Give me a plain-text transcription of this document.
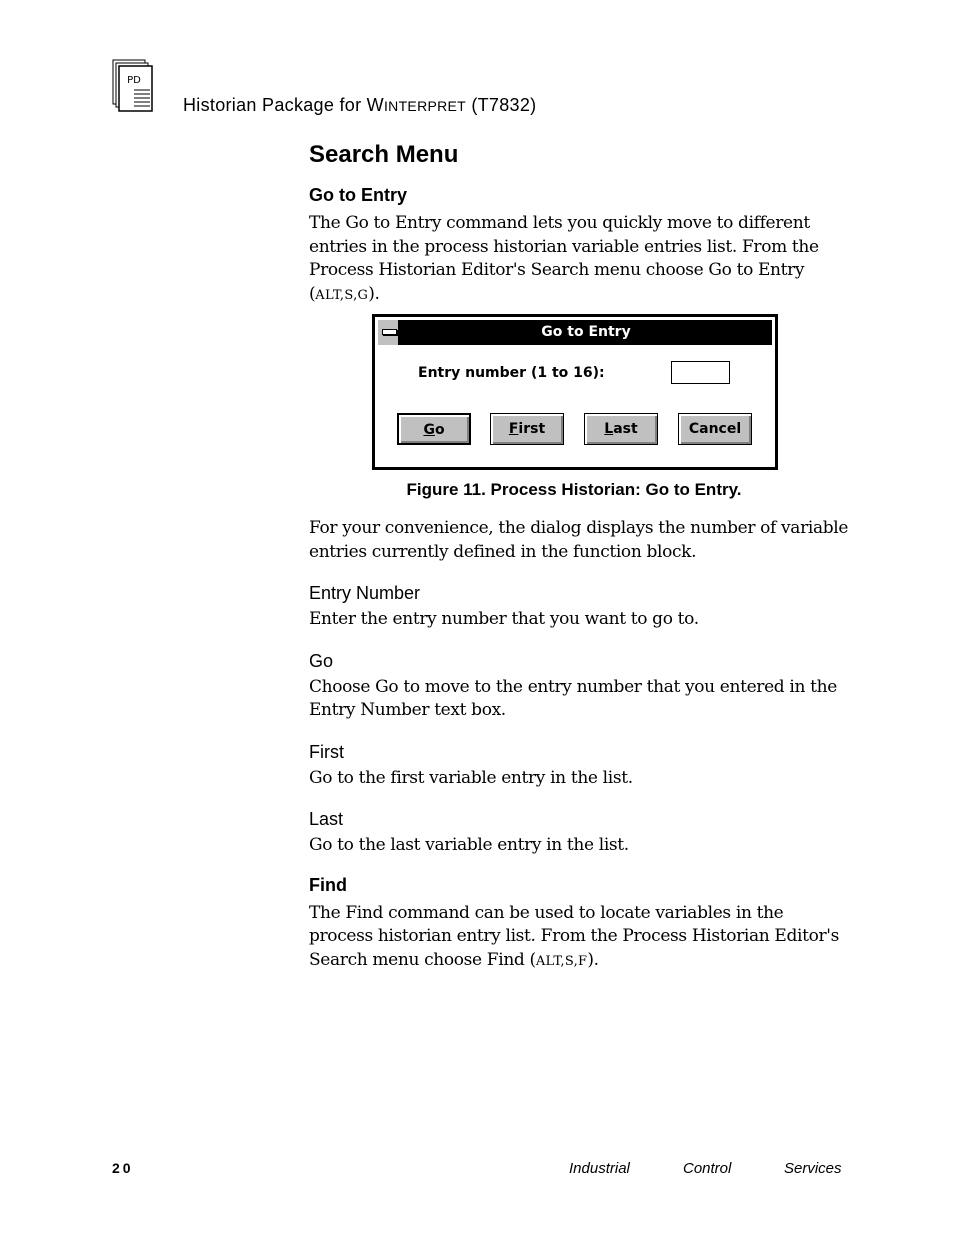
PD
Historian Package for WINTERPRET (T7832)
Search Menu
Go to Entry

The Go to Entry command lets you quickly move to different entries in the process historian variable entries list. From the Process Historian Editor's Search menu choose Go to Entry (ALT,S,G).

Go to Entry
Entry number (1 to 16):
Go	First	Last	Cancel
Figure 11. Process Historian: Go to Entry.

For your convenience, the dialog displays the number of variable entries currently defined in the function block.

Entry Number

Enter the entry number that you want to go to.

Go

Choose Go to move to the entry number that you entered in the Entry Number text box.

First

Go to the first variable entry in the list.

Last

Go to the last variable entry in the list.

Find

The Find command can be used to locate variables in the process historian entry list. From the Process Historian Editor's Search menu choose Find (ALT,S,F).

20	Industrial	Control	Services
